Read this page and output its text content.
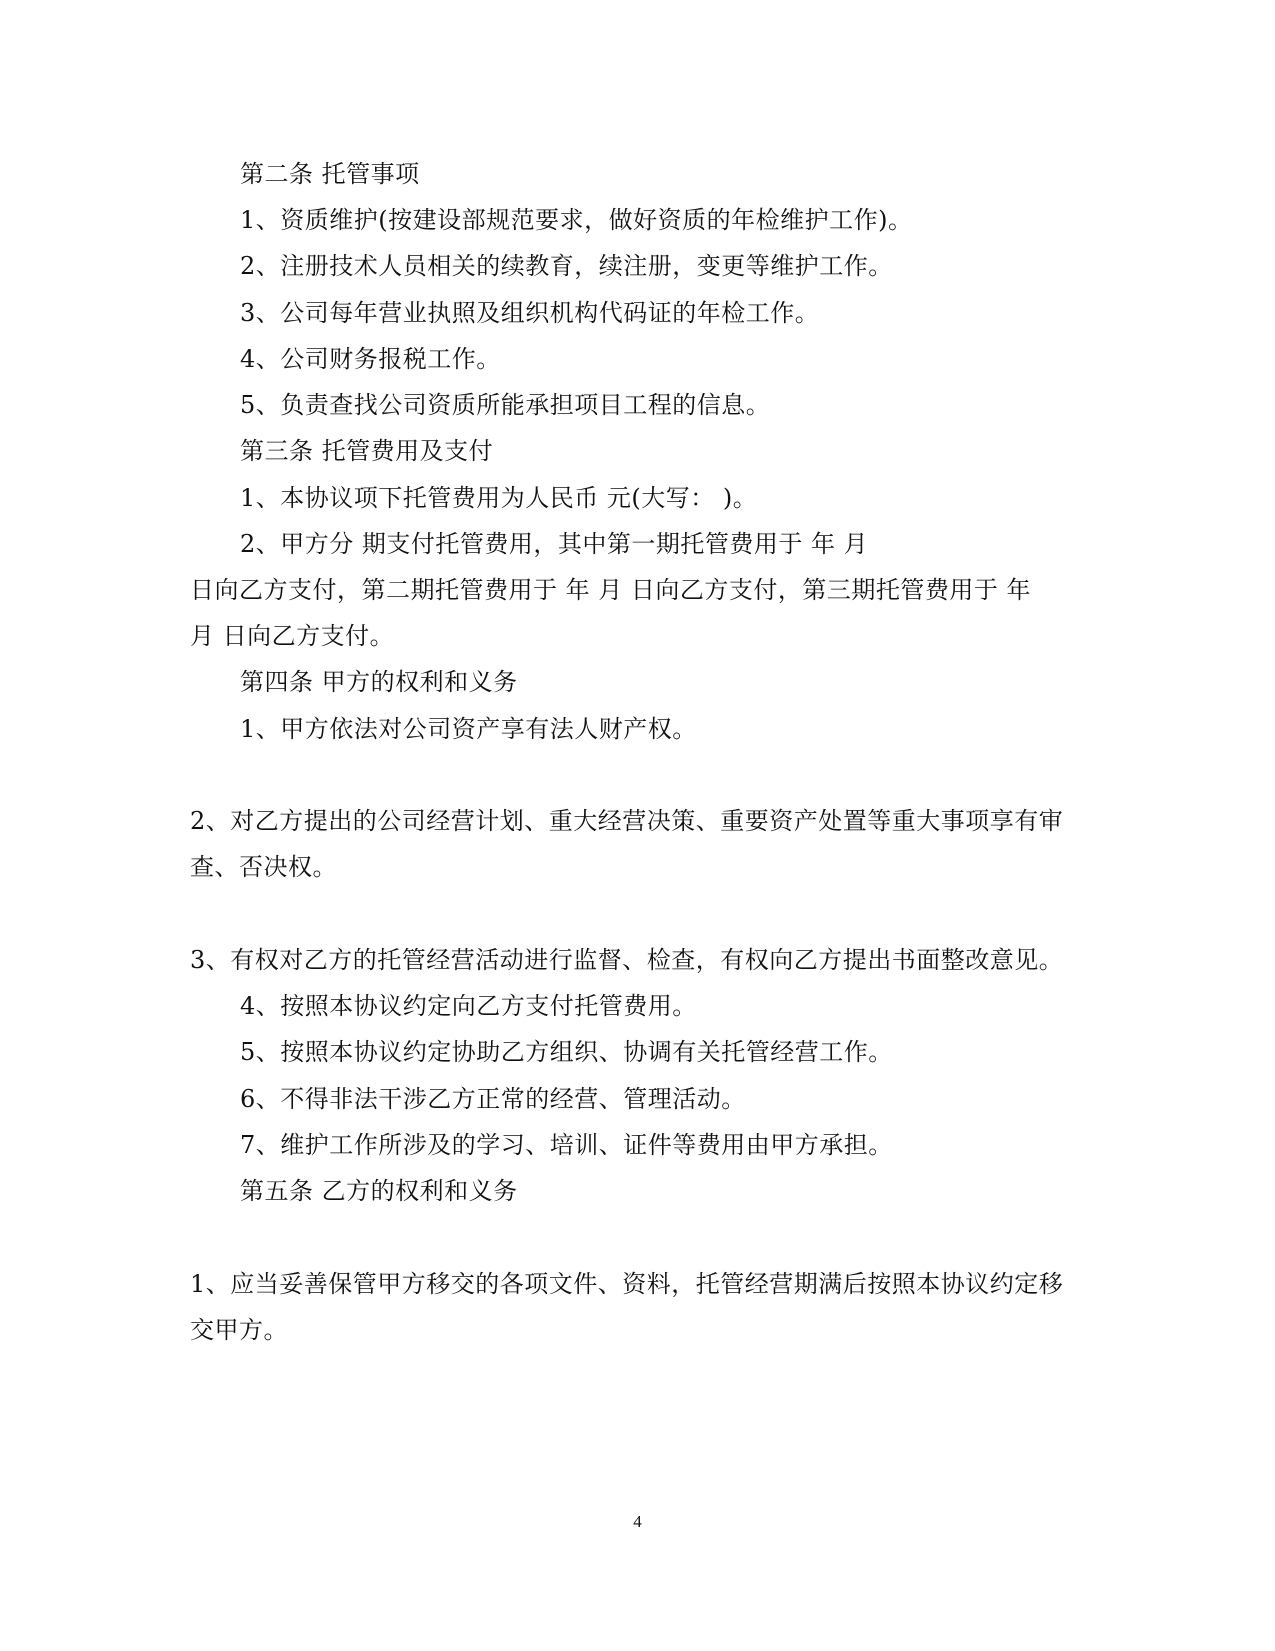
第二条 托管事项
1、资质维护(按建设部规范要求，做好资质的年检维护工作)。
2、注册技术人员相关的续教育，续注册，变更等维护工作。
3、公司每年营业执照及组织机构代码证的年检工作。
4、公司财务报税工作。
5、负责查找公司资质所能承担项目工程的信息。
第三条 托管费用及支付
1、本协议项下托管费用为人民币 元(大写： )。
2、甲方分 期支付托管费用，其中第一期托管费用于 年 月
日向乙方支付，第二期托管费用于 年 月 日向乙方支付，第三期托管费用于 年
月 日向乙方支付。
第四条 甲方的权利和义务
1、甲方依法对公司资产享有法人财产权。
2、对乙方提出的公司经营计划、重大经营决策、重要资产处置等重大事项享有审
查、否决权。
3、有权对乙方的托管经营活动进行监督、检查，有权向乙方提出书面整改意见。
4、按照本协议约定向乙方支付托管费用。
5、按照本协议约定协助乙方组织、协调有关托管经营工作。
6、不得非法干涉乙方正常的经营、管理活动。
7、维护工作所涉及的学习、培训、证件等费用由甲方承担。
第五条 乙方的权利和义务
1、应当妥善保管甲方移交的各项文件、资料，托管经营期满后按照本协议约定移
交甲方。
4
